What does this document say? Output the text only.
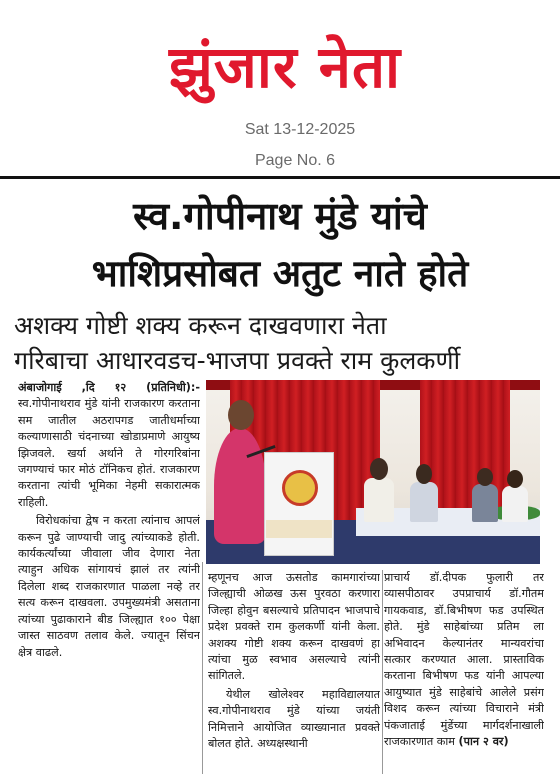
झुंजार नेता
Sat 13-12-2025
Page No. 6
स्व.गोपीनाथ मुंडे यांचे
भाशिप्रसोबत अतुट नाते होते
अशक्य गोष्टी शक्य करून दाखवणारा नेता
गरिबाचा आधारवडच-भाजपा प्रवक्ते राम कुलकर्णी

अंबाजोगाई ,दि १२ (प्रतिनिधी):- स्व.गोपीनाथराव मुंडे यांनी राजकारण करताना सम जातील अठरापगड जातीधर्माच्या कल्याणासाठी चंदनाच्या खोडाप्रमाणे आयुष्य झिजवले. खर्या अर्थाने ते गोरगरिबांना जगण्याचं फार मोठं टॉनिकच होतं. राजकारण करताना त्यांची भूमिका नेहमी सकारात्मक राहिली.

विरोधकांचा द्वेष न करता त्यांनाच आपलं करून पुढे जाण्याची जादु त्यांच्याकडे होती. कार्यकर्त्यांच्या जीवाला जीव देणारा नेता त्याहुन अधिक सांगायचं झालं तर त्यांनी दिलेला शब्द राजकारणात पाळला नव्हे तर सत्य करून दाखवला. उपमुख्यमंत्री असताना त्यांच्या पुढाकाराने बीड जिल्ह्यात १०० पेक्षा जास्त साठवण तलाव केले. ज्यातून सिंचन क्षेत्र वाढले.

म्हणूनच आज ऊसतोड कामगारांच्या जिल्ह्याची ओळख ऊस पुरवठा करणारा जिल्हा होवुन बसल्याचे प्रतिपादन भाजपाचे प्रदेश प्रवक्ते राम कुलकर्णी यांनी केला. अशक्य गोष्टी शक्य करून दाखवणं हा त्यांचा मुळ स्वभाव असल्याचे त्यांनी सांगितले.

येथील खोलेश्वर महाविद्यालयात स्व.गोपीनाथराव मुंडे यांच्या जयंती निमित्ताने आयोजित व्याख्यानात प्रवक्ते बोलत होते. अध्यक्षस्थानी

प्राचार्य डॉ.दीपक फुलारी तर व्यासपीठावर उपप्राचार्य डॉ.गौतम गायकवाड, डॉ.बिभीषण फड उपस्थित होते. मुंडे साहेबांच्या प्रतिम ला अभिवादन केल्यानंतर मान्यवरांचा सत्कार करण्यात आला. प्रास्ताविक करताना बिभीषण फड यांनी आपल्या आयुष्यात मुंडे साहेबांचे आलेले प्रसंग विशद करून त्यांच्या विचाराने मंत्री पंकजाताई मुंडेंच्या मार्गदर्शनाखाली राजकारणात काम (पान २ वर)
